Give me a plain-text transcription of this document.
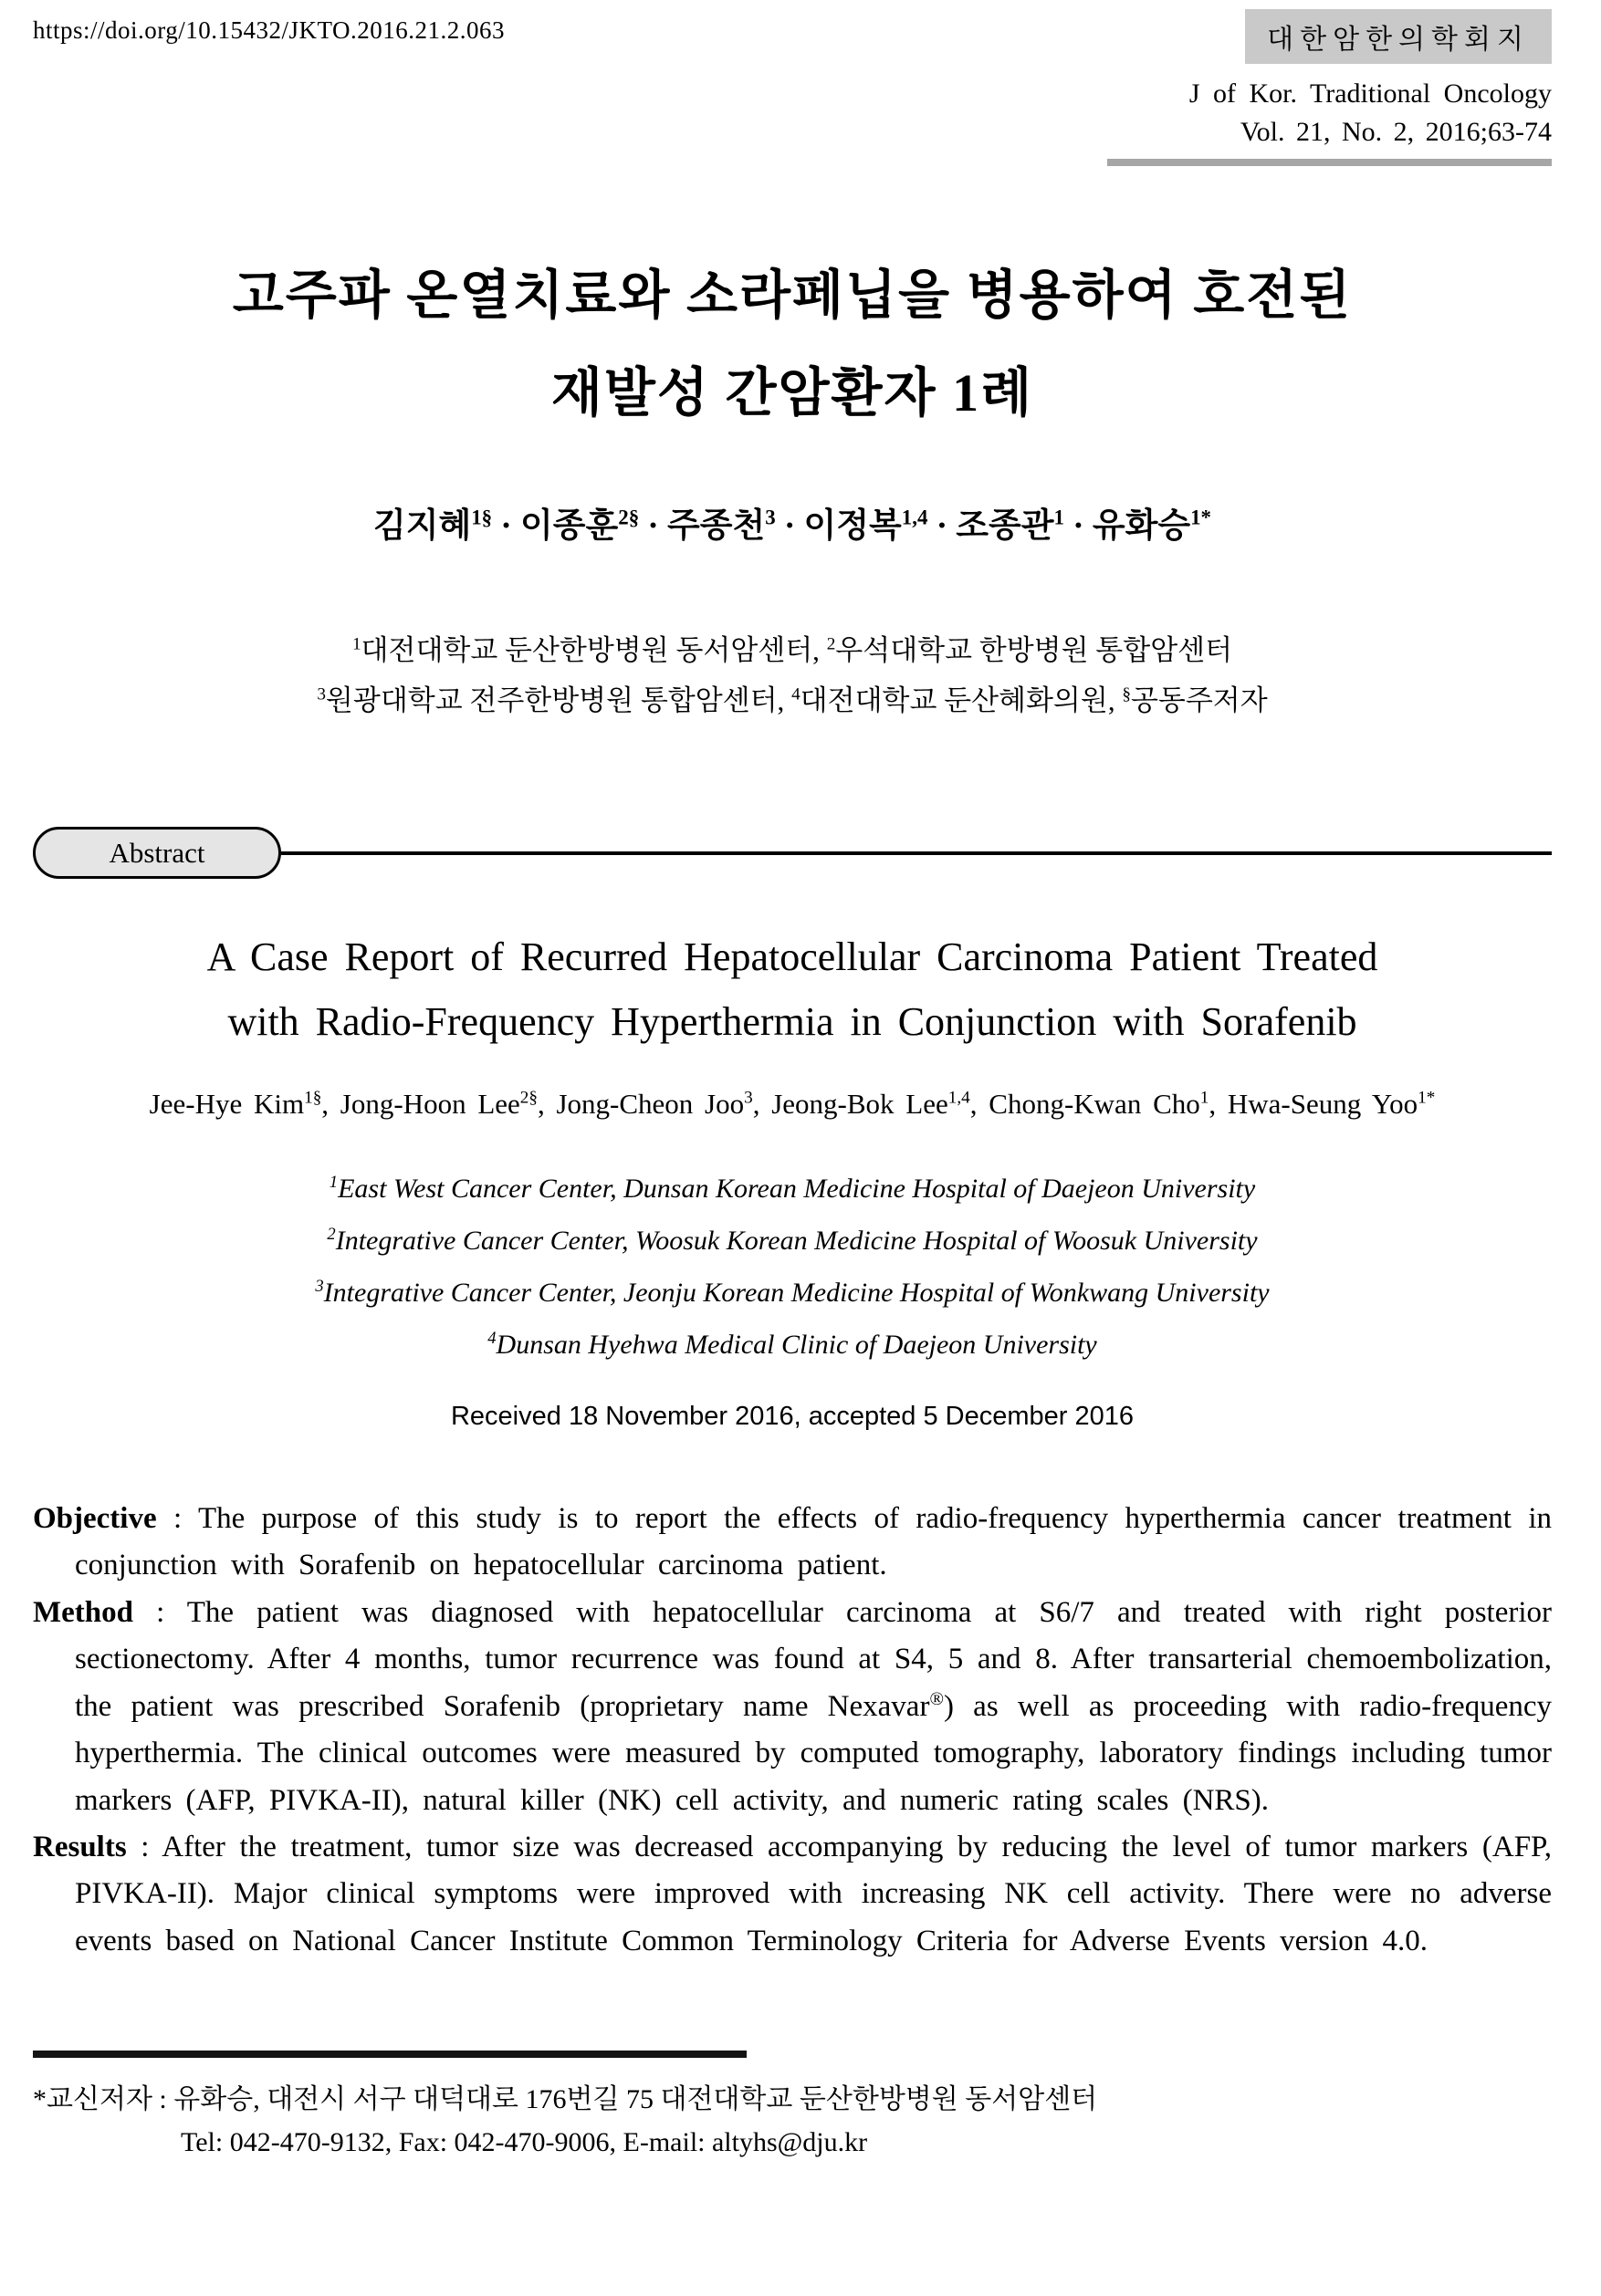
https://doi.org/10.15432/JKTO.2016.21.2.063	대한암한의학회지
J of Kor. Traditional Oncology
Vol. 21, No. 2, 2016;63-74
고주파 온열치료와 소라페닙을 병용하여 호전된
재발성 간암환자 1례
김지혜$^{1\S}$ · 이종훈$^{2\S}$ · 주종천$^3$ · 이정복$^{1,4}$ · 조종관$^1$ · 유화승$^{1*}$
$^1$대전대학교 둔산한방병원 동서암센터, $^2$우석대학교 한방병원 통합암센터
$^3$원광대학교 전주한방병원 통합암센터, $^4$대전대학교 둔산혜화의원, §공동주저자
Abstract
A Case Report of Recurred Hepatocellular Carcinoma Patient Treated
with Radio-Frequency Hyperthermia in Conjunction with Sorafenib
Jee-Hye Kim$^{1\S}$, Jong-Hoon Lee$^{2\S}$, Jong-Cheon Joo$^3$, Jeong-Bok Lee$^{1,4}$, Chong-Kwan Cho$^1$, Hwa-Seung Yoo$^{1*}$
$^1$East West Cancer Center, Dunsan Korean Medicine Hospital of Daejeon University
$^2$Integrative Cancer Center, Woosuk Korean Medicine Hospital of Woosuk University
$^3$Integrative Cancer Center, Jeonju Korean Medicine Hospital of Wonkwang University
$^4$Dunsan Hyehwa Medical Clinic of Daejeon University
Received 18 November 2016, accepted 5 December 2016

Objective : The purpose of this study is to report the effects of radio-frequency hyperthermia cancer treatment in conjunction with Sorafenib on hepatocellular carcinoma patient.

Method : The patient was diagnosed with hepatocellular carcinoma at S6/7 and treated with right posterior sectionectomy. After 4 months, tumor recurrence was found at S4, 5 and 8. After transarterial chemoembolization, the patient was prescribed Sorafenib (proprietary name Nexavar®) as well as proceeding with radio-frequency hyperthermia. The clinical outcomes were measured by computed tomography, laboratory findings including tumor markers (AFP, PIVKA-II), natural killer (NK) cell activity, and numeric rating scales (NRS).

Results : After the treatment, tumor size was decreased accompanying by reducing the level of tumor markers (AFP, PIVKA-II). Major clinical symptoms were improved with increasing NK cell activity. There were no adverse events based on National Cancer Institute Common Terminology Criteria for Adverse Events version 4.0.

*교신저자 : 유화승, 대전시 서구 대덕대로 176번길 75 대전대학교 둔산한방병원 동서암센터
Tel: 042-470-9132, Fax: 042-470-9006, E-mail: altyhs@dju.kr
